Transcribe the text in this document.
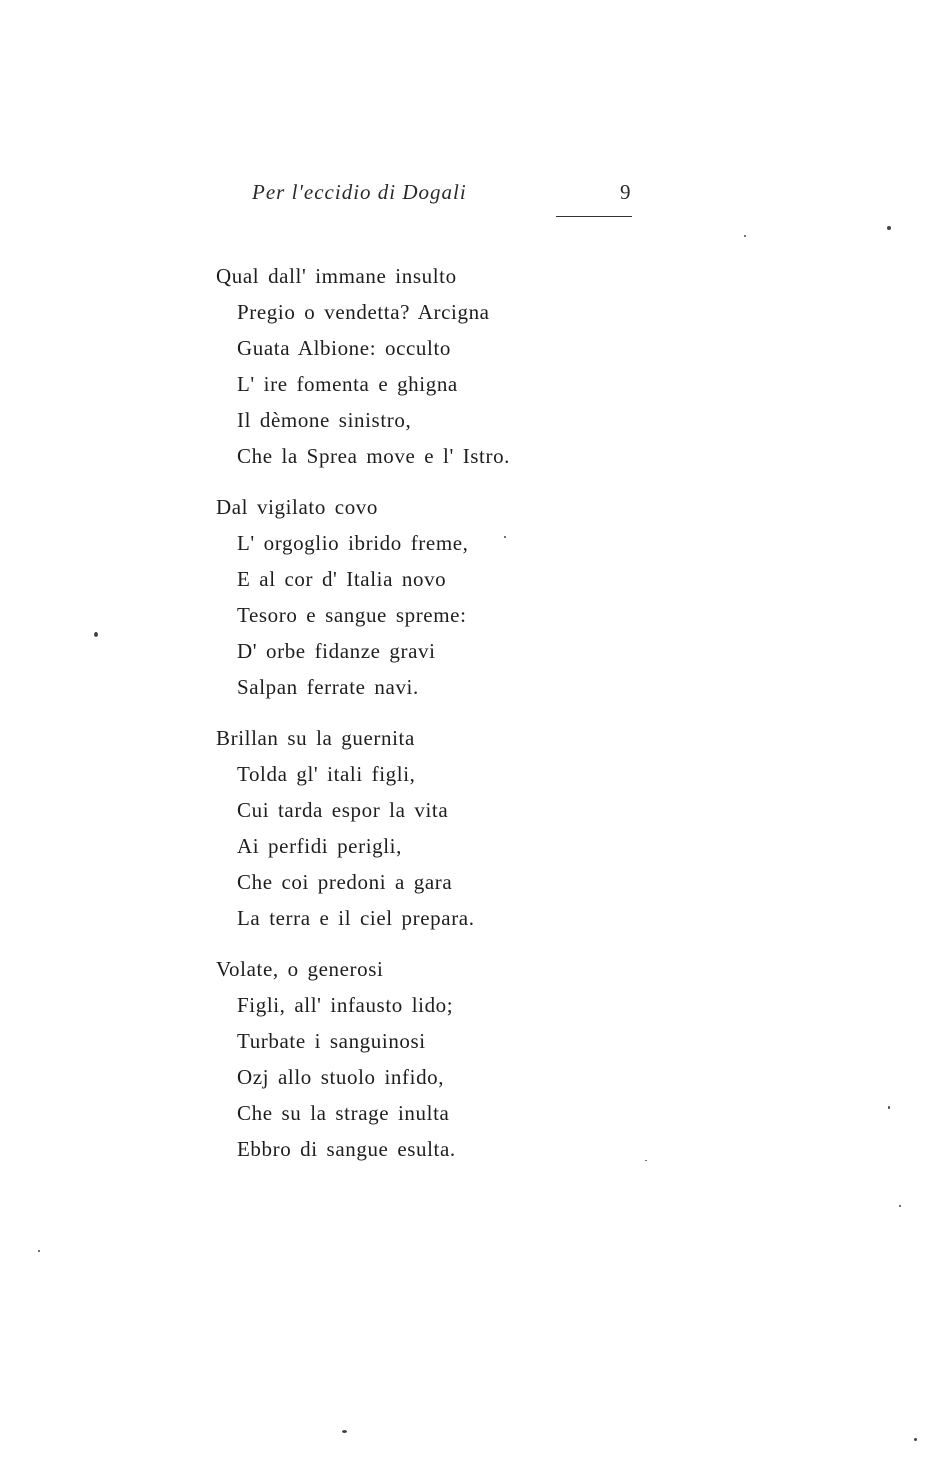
Per l'eccidio di Dogali	9
Qual dall' immane insulto
Pregio o vendetta? Arcigna
Guata Albione: occulto
L' ire fomenta e ghigna
Il dèmone sinistro,
Che la Sprea move e l' Istro.
Dal vigilato covo
L' orgoglio ibrido freme,
E al cor d' Italia novo
Tesoro e sangue spreme:
D' orbe fidanze gravi
Salpan ferrate navi.
Brillan su la guernita
Tolda gl' itali figli,
Cui tarda espor la vita
Ai perfidi perigli,
Che coi predoni a gara
La terra e il ciel prepara.
Volate, o generosi
Figli, all' infausto lido;
Turbate i sanguinosi
Ozj allo stuolo infido,
Che su la strage inulta
Ebbro di sangue esulta.
